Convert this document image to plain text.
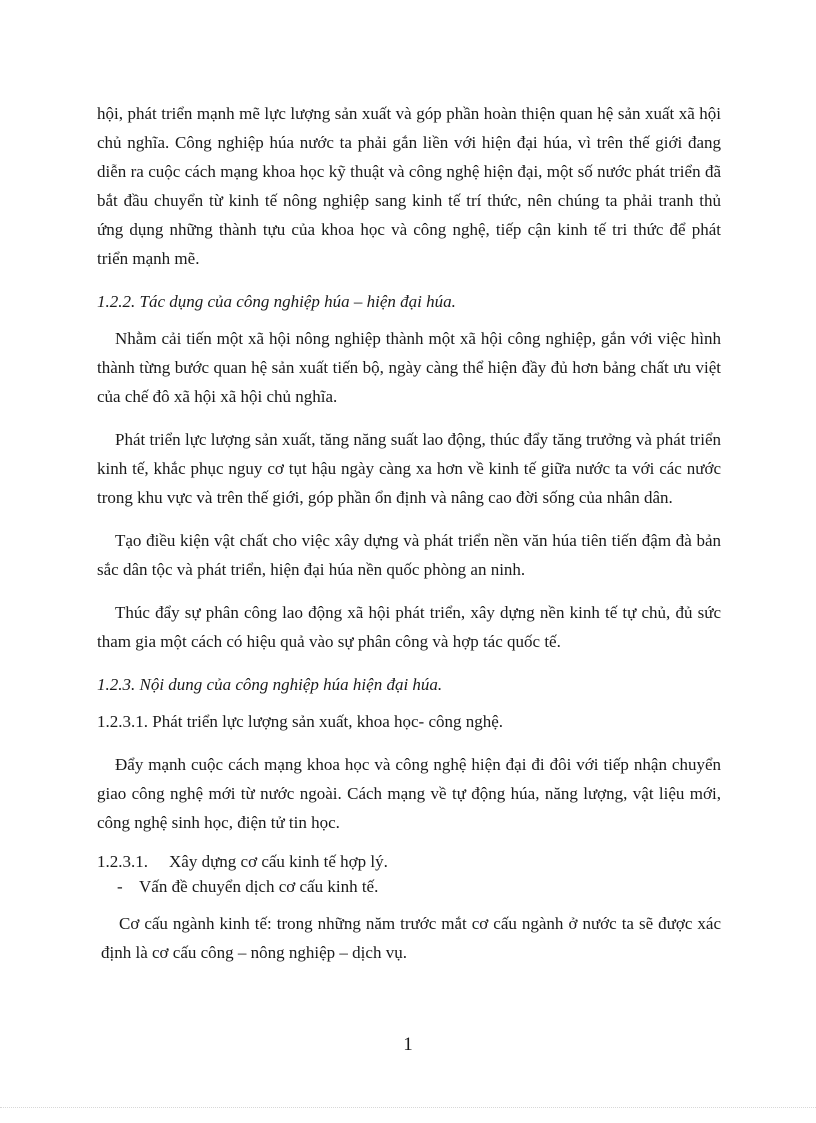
hội, phát triển mạnh mẽ lực lượng sản xuất và góp phần hoàn thiện quan hệ sản xuất xã hội chủ nghĩa. Công nghiệp húa nước ta phải gắn liền với hiện đại húa, vì trên thế giới đang diễn ra cuộc cách mạng khoa học kỹ thuật và công nghệ hiện đại, một số nước phát triển đã bắt đầu chuyển từ kinh tế nông nghiệp sang kinh tế trí thức, nên chúng ta phải tranh thủ ứng dụng những thành tựu của khoa học và công nghệ, tiếp cận kinh tế tri thức để phát triển mạnh mẽ.

1.2.2. Tác dụng của công nghiệp húa – hiện đại húa.

Nhằm cải tiến một xã hội nông nghiệp thành một xã hội công nghiệp, gắn với việc hình thành từng bước quan hệ sản xuất tiến bộ, ngày càng thể hiện đầy đủ hơn bảng chất ưu việt của chế đô xã hội xã hội chủ nghĩa.

Phát triển lực lượng sản xuất, tăng năng suất lao động, thúc đẩy tăng trưởng và phát triển kinh tế, khắc phục nguy cơ tụt hậu ngày càng xa hơn về kinh tế giữa nước ta với các nước trong khu vực và trên thế giới, góp phần ổn định và nâng cao đời sống của nhân dân.

Tạo điều kiện vật chất cho việc xây dựng và phát triển nền văn húa tiên tiến đậm đà bản sắc dân tộc và phát triển, hiện đại húa nền quốc phòng an ninh.

Thúc đẩy sự phân công lao động xã hội phát triển, xây dựng nền kinh tế tự chủ, đủ sức tham gia một cách có hiệu quả vào sự phân công và hợp tác quốc tế.

1.2.3. Nội dung của công nghiệp húa hiện đại húa.

1.2.3.1. Phát triển lực lượng sản xuất, khoa học- công nghệ.

Đẩy mạnh cuộc cách mạng khoa học và công nghệ hiện đại đi đôi với tiếp nhận chuyển giao công nghệ mới từ nước ngoài. Cách mạng về tự động húa, năng lượng, vật liệu mới, công nghệ sinh học, điện tử tin học.

1.2.3.1.	Xây dựng cơ cấu kinh tế hợp lý.
- Vấn đề chuyển dịch cơ cấu kinh tế.

Cơ cấu ngành kinh tế: trong những năm trước mắt cơ cấu ngành ở nước ta sẽ được xác định là cơ cấu công – nông nghiệp – dịch vụ.

1
